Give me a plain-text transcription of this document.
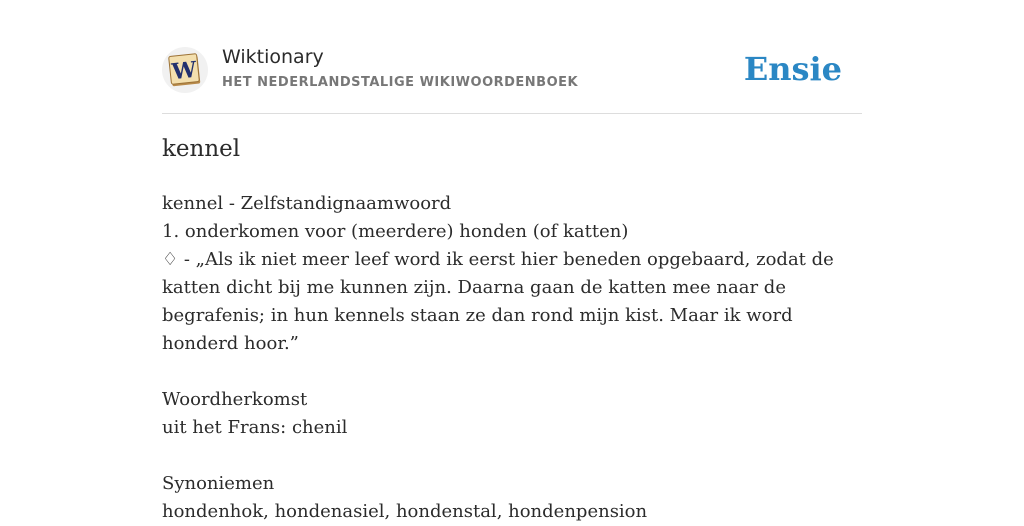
W Wiktionary
HET NEDERLANDSTALIGE WIKIWOORDENBOEK	Ensie
kennel
kennel - Zelfstandignaamwoord
1. onderkomen voor (meerdere) honden (of katten)
♢ - „Als ik niet meer leef word ik eerst hier beneden opgebaard, zodat de katten dicht bij me kunnen zijn. Daarna gaan de katten mee naar de begrafenis; in hun kennels staan ze dan rond mijn kist. Maar ik word honderd hoor.”
Woordherkomst
uit het Frans: chenil
Synoniemen
hondenhok, hondenasiel, hondenstal, hondenpension
